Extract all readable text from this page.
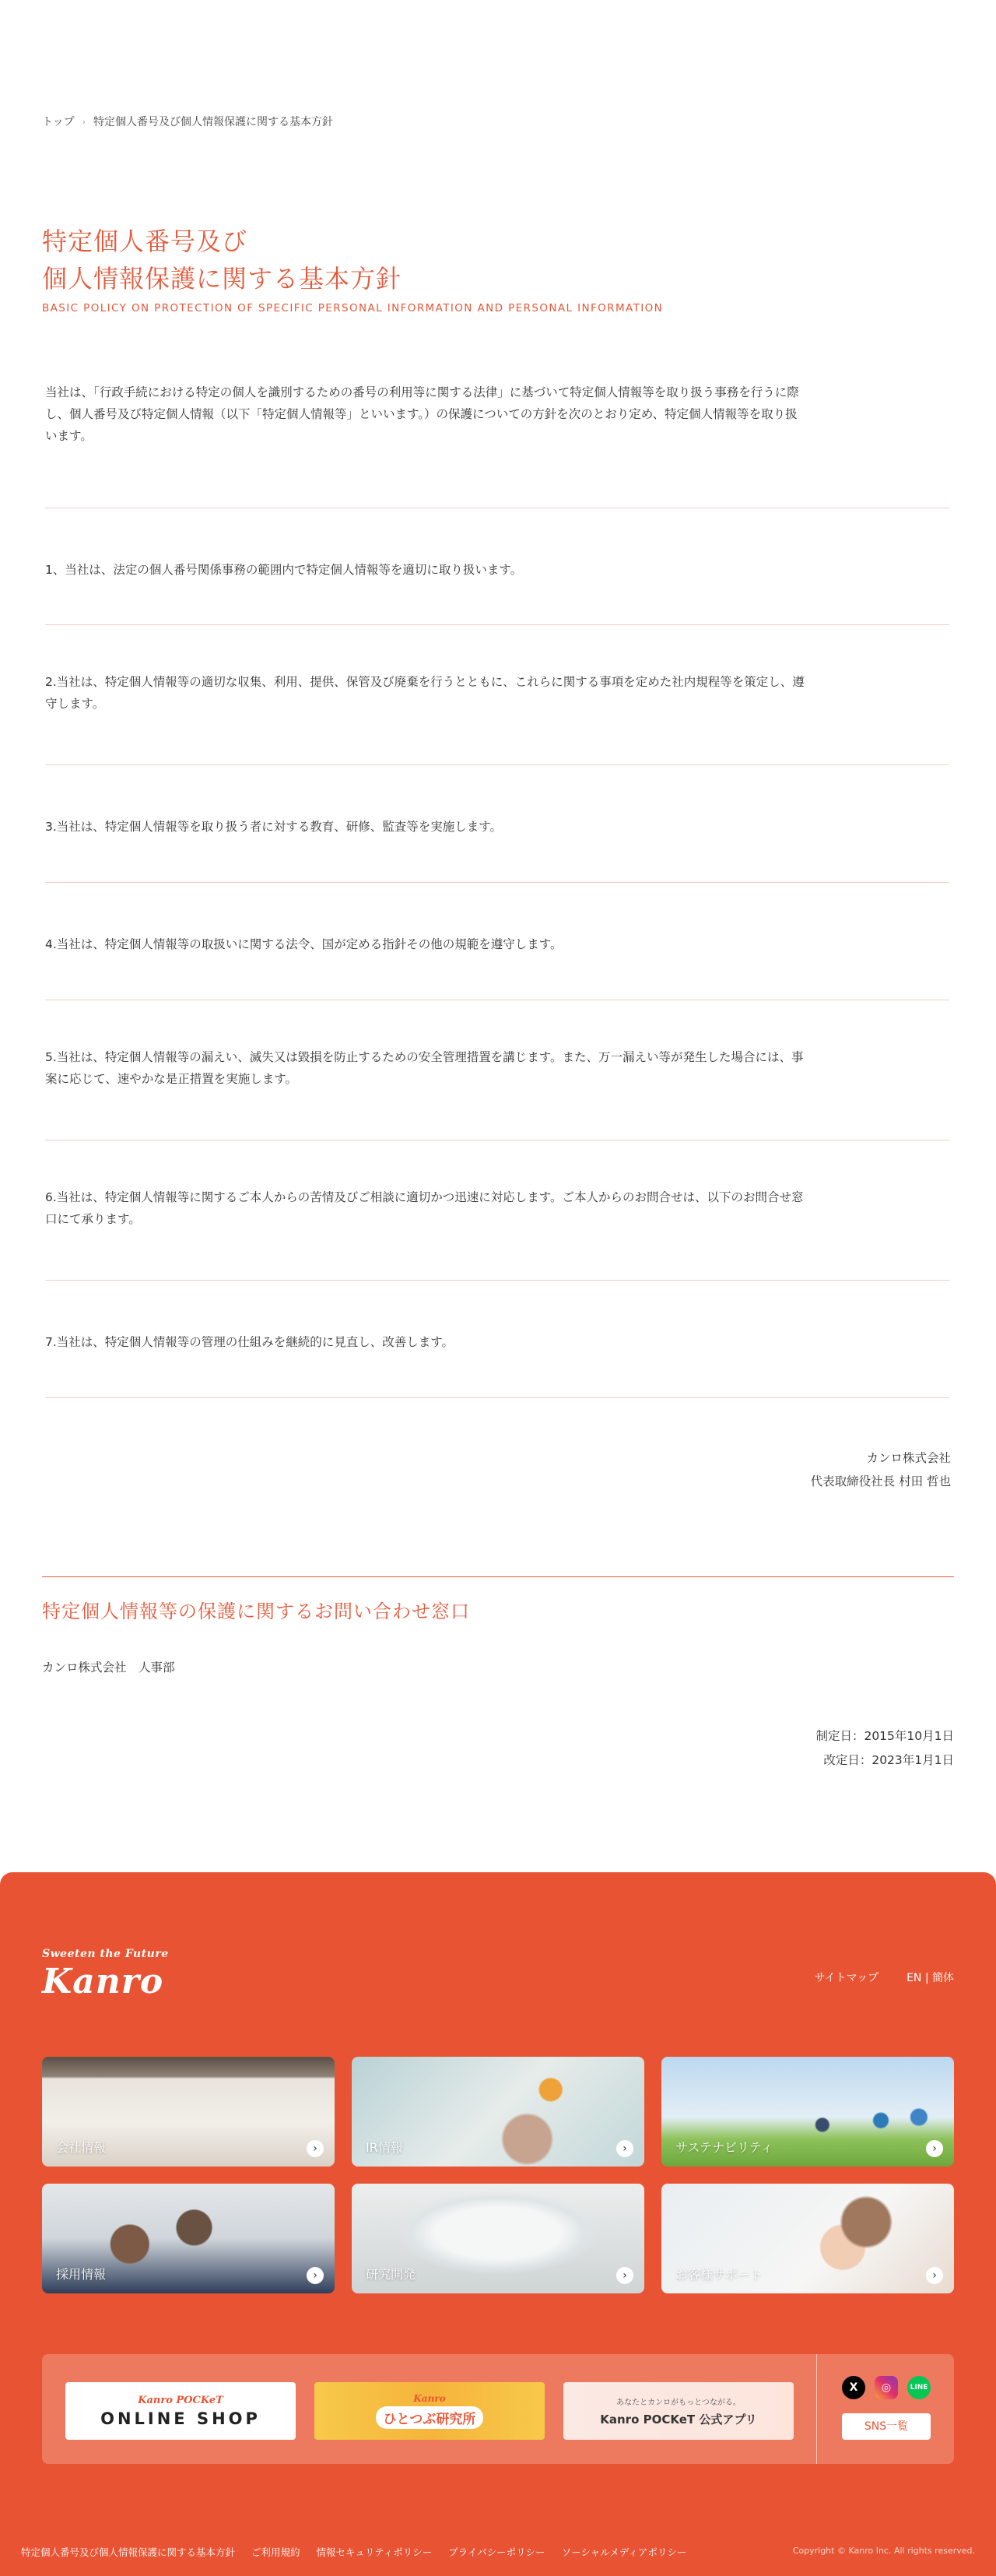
トップ › 特定個人番号及び個人情報保護に関する基本方針
特定個人番号及び
個人情報保護に関する基本方針
BASIC POLICY ON PROTECTION OF SPECIFIC PERSONAL INFORMATION AND PERSONAL INFORMATION

当社は、「行政手続における特定の個人を識別するための番号の利用等に関する法律」に基づいて特定個人情報等を取り扱う事務を行うに際し、個人番号及び特定個人情報（以下「特定個人情報等」といいます。）の保護についての方針を次のとおり定め、特定個人情報等を取り扱います。

1、当社は、法定の個人番号関係事務の範囲内で特定個人情報等を適切に取り扱います。

2.当社は、特定個人情報等の適切な収集、利用、提供、保管及び廃棄を行うとともに、これらに関する事項を定めた社内規程等を策定し、遵守します。

3.当社は、特定個人情報等を取り扱う者に対する教育、研修、監査等を実施します。

4.当社は、特定個人情報等の取扱いに関する法令、国が定める指針その他の規範を遵守します。

5.当社は、特定個人情報等の漏えい、滅失又は毀損を防止するための安全管理措置を講じます。また、万一漏えい等が発生した場合には、事案に応じて、速やかな是正措置を実施します。

6.当社は、特定個人情報等に関するご本人からの苦情及びご相談に適切かつ迅速に対応します。ご本人からのお問合せは、以下のお問合せ窓口にて承ります。

7.当社は、特定個人情報等の管理の仕組みを継続的に見直し、改善します。

カンロ株式会社
代表取締役社長 村田 哲也
特定個人情報等の保護に関するお問い合わせ窓口

カンロ株式会社　人事部

制定日：2015年10月1日
改定日：2023年1月1日
Sweeten the Future
Kanro	サイトマップ	EN | 簡体
会社情報	›	IR情報	›	サステナビリティ	›
採用情報	›	研究開発	›	お客様サポート	›
Kanro POCKeT
ONLINE SHOP
Kanro
ひとつぶ研究所
あなたとカンロがもっとつながる。
Kanro POCKeT 公式アプリ
X	◎	LINE
SNS一覧
特定個人番号及び個人情報保護に関する基本方針 ご利用規約 情報セキュリティポリシー プライバシーポリシー ソーシャルメディアポリシー	Copyright © Kanro Inc. All rights reserved.
